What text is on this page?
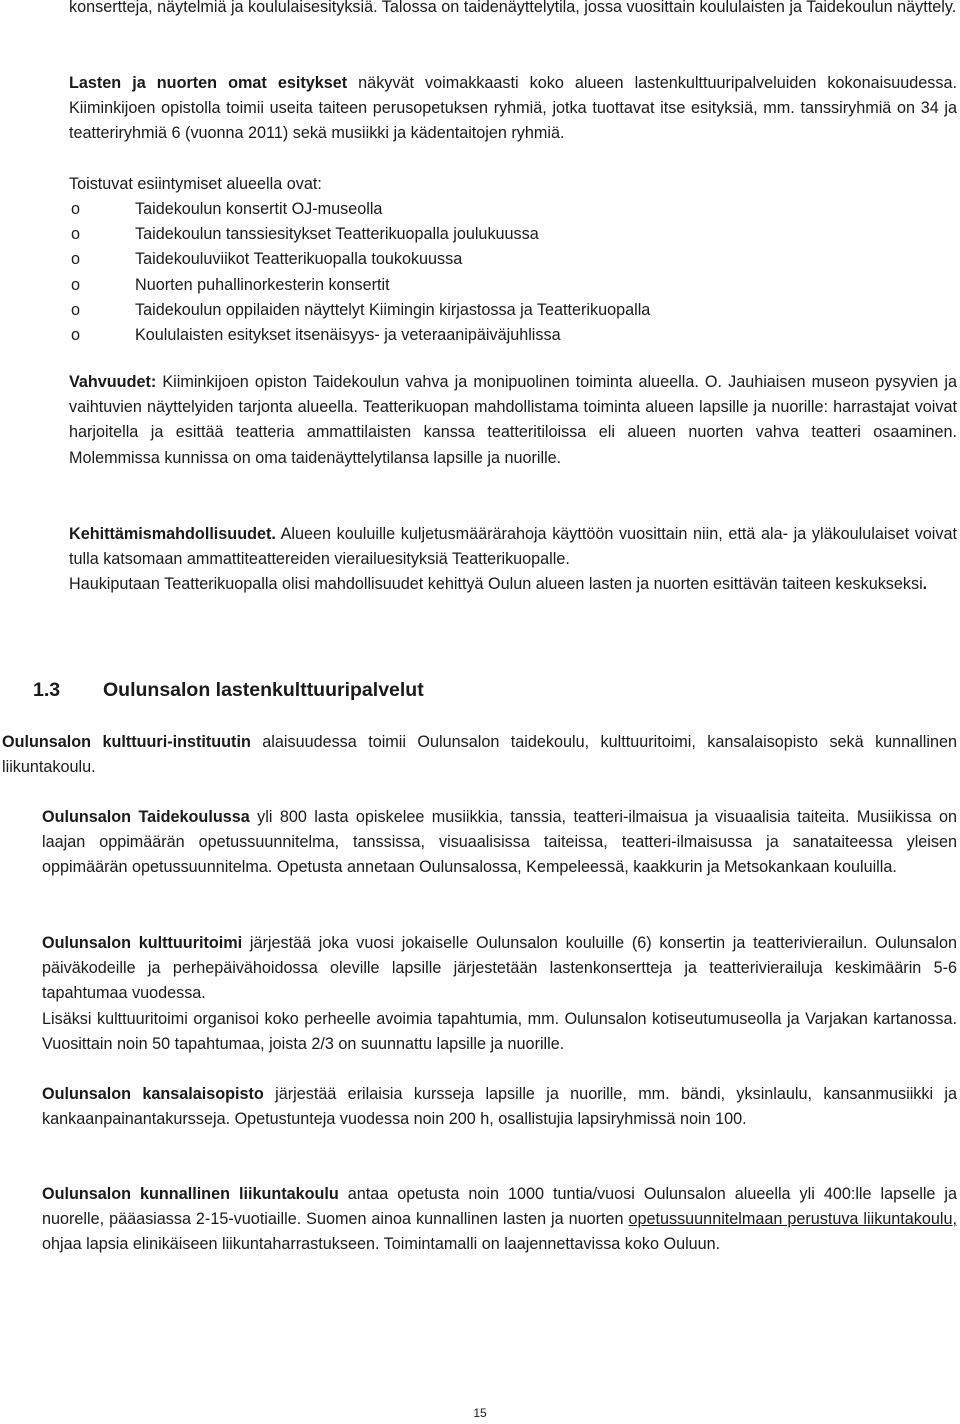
konsertteja, näytelmiä ja koululaisesityksiä. Talossa on taidenäyttelytila, jossa vuosittain koululaisten ja Taidekoulun näyttely.

Lasten ja nuorten omat esitykset näkyvät voimakkaasti koko alueen lastenkulttuuripalveluiden kokonaisuudessa. Kiiminkijoen opistolla toimii useita taiteen perusopetuksen ryhmiä, jotka tuottavat itse esityksiä, mm. tanssiryhmiä on 34 ja teatteriryhmiä 6 (vuonna 2011) sekä musiikki ja kädentaitojen ryhmiä.

Toistuvat esiintymiset alueella ovat:

o	Taidekoulun konsertit OJ-museolla
o	Taidekoulun tanssiesitykset Teatterikuopalla joulukuussa
o	Taidekouluviikot Teatterikuopalla toukokuussa
o	Nuorten puhallinorkesterin konsertit
o	Taidekoulun oppilaiden näyttelyt Kiimingin kirjastossa ja Teatterikuopalla
o	Koululaisten esitykset itsenäisyys- ja veteraanipäiväjuhlissa

Vahvuudet: Kiiminkijoen opiston Taidekoulun vahva ja monipuolinen toiminta alueella. O. Jauhiaisen museon pysyvien ja vaihtuvien näyttelyiden tarjonta alueella. Teatterikuopan mahdollistama toiminta alueen lapsille ja nuorille: harrastajat voivat harjoitella ja esittää teatteria ammattilaisten kanssa teatteritiloissa eli alueen nuorten vahva teatteri osaaminen. Molemmissa kunnissa on oma taidenäyttelytilansa lapsille ja nuorille.

Kehittämismahdollisuudet. Alueen kouluille kuljetusmäärärahoja käyttöön vuosittain niin, että ala- ja yläkoululaiset voivat tulla katsomaan ammattiteattereiden vierailuesityksiä Teatterikuopalle.
Haukiputaan Teatterikuopalla olisi mahdollisuudet kehittyä Oulun alueen lasten ja nuorten esittävän taiteen keskukseksi.

1.3 Oulunsalon lastenkulttuuripalvelut

Oulunsalon kulttuuri-instituutin alaisuudessa toimii Oulunsalon taidekoulu, kulttuuritoimi, kansalaisopisto sekä kunnallinen liikuntakoulu.

Oulunsalon Taidekoulussa yli 800 lasta opiskelee musiikkia, tanssia, teatteri-ilmaisua ja visuaalisia taiteita. Musiikissa on laajan oppimäärän opetussuunnitelma, tanssissa, visuaalisissa taiteissa, teatteri-ilmaisussa ja sanataiteessa yleisen oppimäärän opetussuunnitelma. Opetusta annetaan Oulunsalossa, Kempeleessä, kaakkurin ja Metsokankaan kouluilla.

Oulunsalon kulttuuritoimi järjestää joka vuosi jokaiselle Oulunsalon kouluille (6) konsertin ja teatterivierailun. Oulunsalon päiväkodeille ja perhepäivähoidossa oleville lapsille järjestetään lastenkonsertteja ja teatterivierailuja keskimäärin 5-6 tapahtumaa vuodessa.
Lisäksi kulttuuritoimi organisoi koko perheelle avoimia tapahtumia, mm. Oulunsalon kotiseutumuseolla ja Varjakan kartanossa. Vuosittain noin 50 tapahtumaa, joista 2/3 on suunnattu lapsille ja nuorille.

Oulunsalon kansalaisopisto järjestää erilaisia kursseja lapsille ja nuorille, mm. bändi, yksinlaulu, kansanmusiikki ja kankaanpainantakursseja. Opetustunteja vuodessa noin 200 h, osallistujia lapsiryhmissä noin 100.

Oulunsalon kunnallinen liikuntakoulu antaa opetusta noin 1000 tuntia/vuosi Oulunsalon alueella yli 400:lle lapselle ja nuorelle, pääasiassa 2-15-vuotiaille. Suomen ainoa kunnallinen lasten ja nuorten opetussuunnitelmaan perustuva liikuntakoulu, ohjaa lapsia elinikäiseen liikuntaharrastukseen. Toimintamalli on laajennettavissa koko Ouluun.

15
